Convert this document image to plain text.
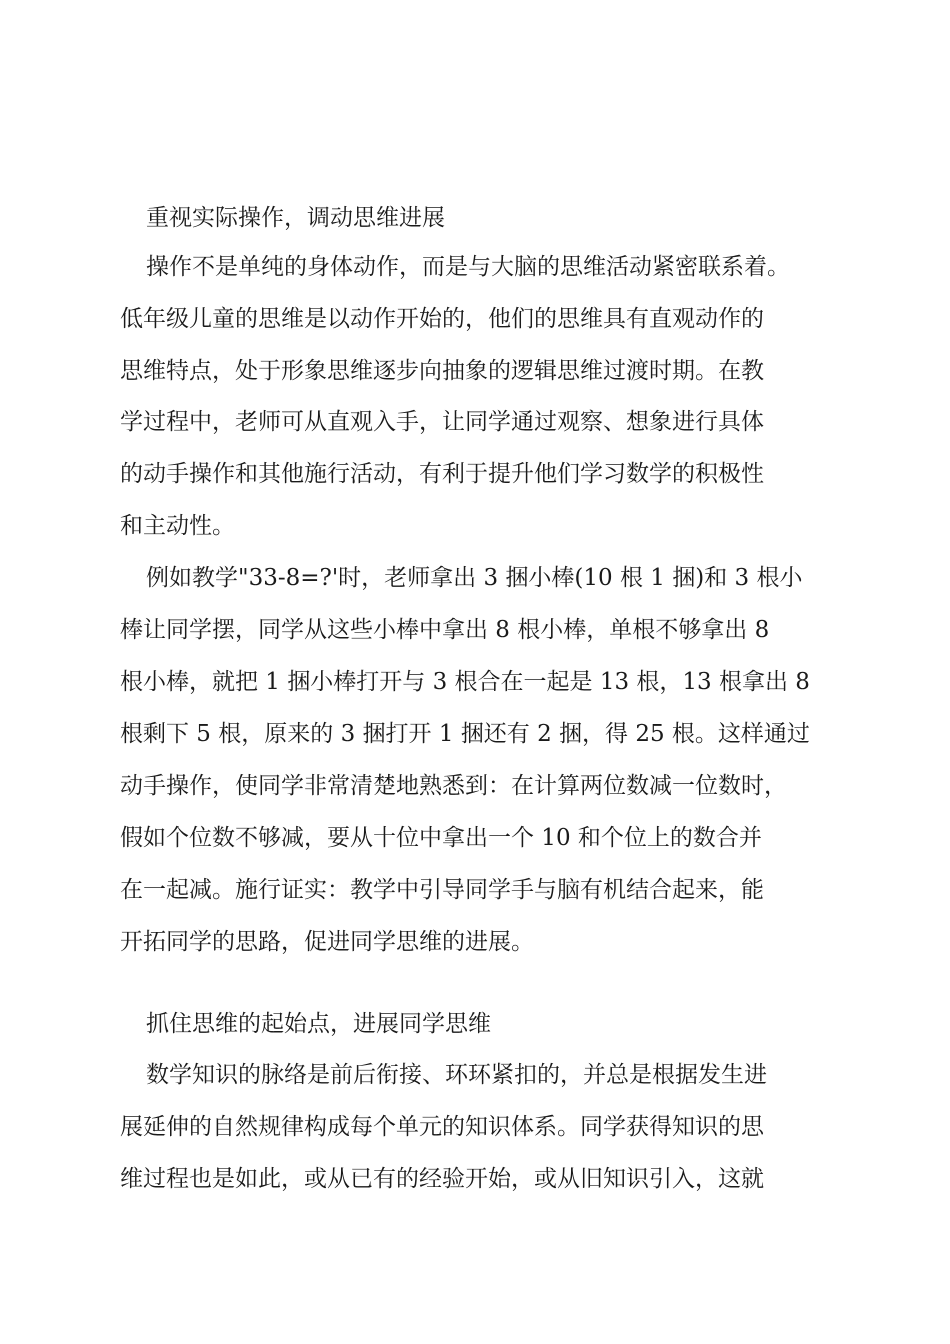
重视实际操作，调动思维进展

操作不是单纯的身体动作，而是与大脑的思维活动紧密联系着。

低年级儿童的思维是以动作开始的，他们的思维具有直观动作的

思维特点，处于形象思维逐步向抽象的逻辑思维过渡时期。在教

学过程中，老师可从直观入手，让同学通过观察、想象进行具体

的动手操作和其他施行活动，有利于提升他们学习数学的积极性

和主动性。

例如教学"33-8=?'时，老师拿出 3 捆小棒(10 根 1 捆)和 3 根小

棒让同学摆，同学从这些小棒中拿出 8 根小棒，单根不够拿出 8

根小棒，就把 1 捆小棒打开与 3 根合在一起是 13 根，13 根拿出 8

根剩下 5 根，原来的 3 捆打开 1 捆还有 2 捆，得 25 根。这样通过

动手操作，使同学非常清楚地熟悉到：在计算两位数减一位数时，

假如个位数不够减，要从十位中拿出一个 10 和个位上的数合并

在一起减。施行证实：教学中引导同学手与脑有机结合起来，能

开拓同学的思路，促进同学思维的进展。

抓住思维的起始点，进展同学思维

数学知识的脉络是前后衔接、环环紧扣的，并总是根据发生进

展延伸的自然规律构成每个单元的知识体系。同学获得知识的思

维过程也是如此，或从已有的经验开始，或从旧知识引入，这就
